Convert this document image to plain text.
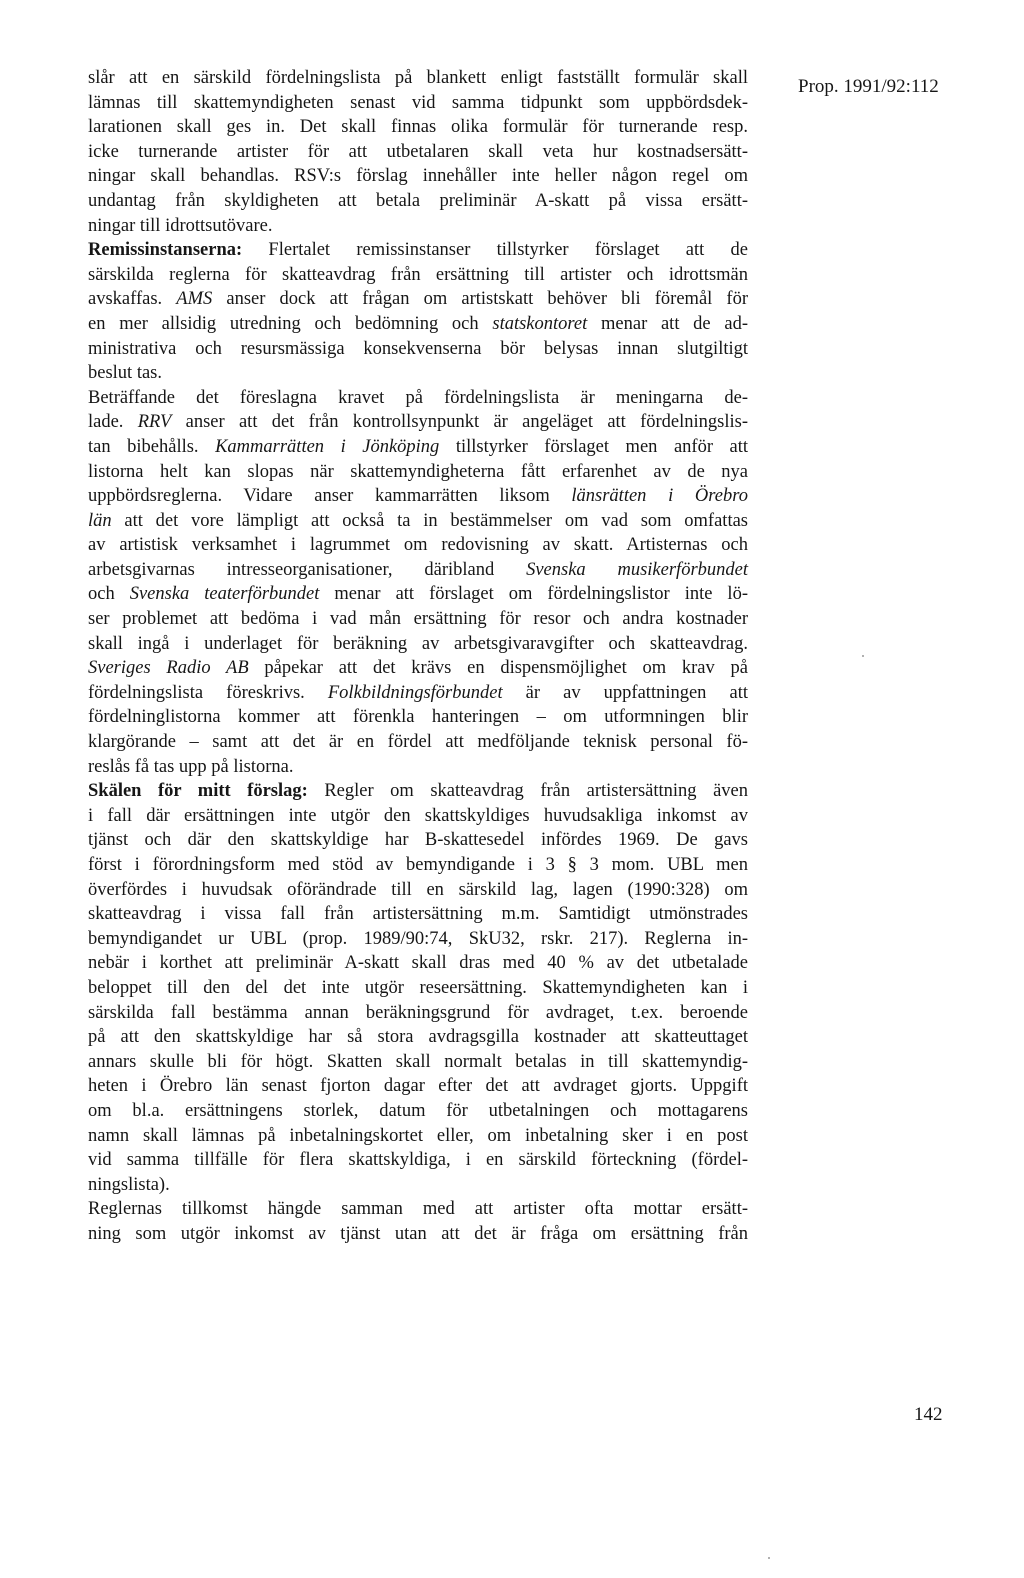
Prop. 1991/92:112
slår att en särskild fördelningslista på blankett enligt fastställt formulär skall
lämnas till skattemyndigheten senast vid samma tidpunkt som uppbördsdek-
larationen skall ges in. Det skall finnas olika formulär för turnerande resp.
icke turnerande artister för att utbetalaren skall veta hur kostnadsersätt-
ningar skall behandlas. RSV:s förslag innehåller inte heller någon regel om
undantag från skyldigheten att betala preliminär A-skatt på vissa ersätt-
ningar till idrottsutövare.
Remissinstanserna: Flertalet remissinstanser tillstyrker förslaget att de
särskilda reglerna för skatteavdrag från ersättning till artister och idrottsmän
avskaffas. AMS anser dock att frågan om artistskatt behöver bli föremål för
en mer allsidig utredning och bedömning och statskontoret menar att de ad-
ministrativa och resursmässiga konsekvenserna bör belysas innan slutgiltigt
beslut tas.
Beträffande det föreslagna kravet på fördelningslista är meningarna de-
lade. RRV anser att det från kontrollsynpunkt är angeläget att fördelningslis-
tan bibehålls. Kammarrätten i Jönköping tillstyrker förslaget men anför att
listorna helt kan slopas när skattemyndigheterna fått erfarenhet av de nya
uppbördsreglerna. Vidare anser kammarrätten liksom länsrätten i Örebro
län att det vore lämpligt att också ta in bestämmelser om vad som omfattas
av artistisk verksamhet i lagrummet om redovisning av skatt. Artisternas och
arbetsgivarnas intresseorganisationer, däribland Svenska musikerförbundet
och Svenska teaterförbundet menar att förslaget om fördelningslistor inte lö-
ser problemet att bedöma i vad mån ersättning för resor och andra kostnader
skall ingå i underlaget för beräkning av arbetsgivaravgifter och skatteavdrag.
Sveriges Radio AB påpekar att det krävs en dispensmöjlighet om krav på
fördelningslista föreskrivs. Folkbildningsförbundet är av uppfattningen att
fördelninglistorna kommer att förenkla hanteringen – om utformningen blir
klargörande – samt att det är en fördel att medföljande teknisk personal fö-
reslås få tas upp på listorna.
Skälen för mitt förslag: Regler om skatteavdrag från artistersättning även
i fall där ersättningen inte utgör den skattskyldiges huvudsakliga inkomst av
tjänst och där den skattskyldige har B-skattesedel infördes 1969. De gavs
först i förordningsform med stöd av bemyndigande i 3 § 3 mom. UBL men
överfördes i huvudsak oförändrade till en särskild lag, lagen (1990:328) om
skatteavdrag i vissa fall från artistersättning m.m. Samtidigt utmönstrades
bemyndigandet ur UBL (prop. 1989/90:74, SkU32, rskr. 217). Reglerna in-
nebär i korthet att preliminär A-skatt skall dras med 40 % av det utbetalade
beloppet till den del det inte utgör reseersättning. Skattemyndigheten kan i
särskilda fall bestämma annan beräkningsgrund för avdraget, t.ex. beroende
på att den skattskyldige har så stora avdragsgilla kostnader att skatteuttaget
annars skulle bli för högt. Skatten skall normalt betalas in till skattemyndig-
heten i Örebro län senast fjorton dagar efter det att avdraget gjorts. Uppgift
om bl.a. ersättningens storlek, datum för utbetalningen och mottagarens
namn skall lämnas på inbetalningskortet eller, om inbetalning sker i en post
vid samma tillfälle för flera skattskyldiga, i en särskild förteckning (fördel-
ningslista).
Reglernas tillkomst hängde samman med att artister ofta mottar ersätt-
ning som utgör inkomst av tjänst utan att det är fråga om ersättning från
142
